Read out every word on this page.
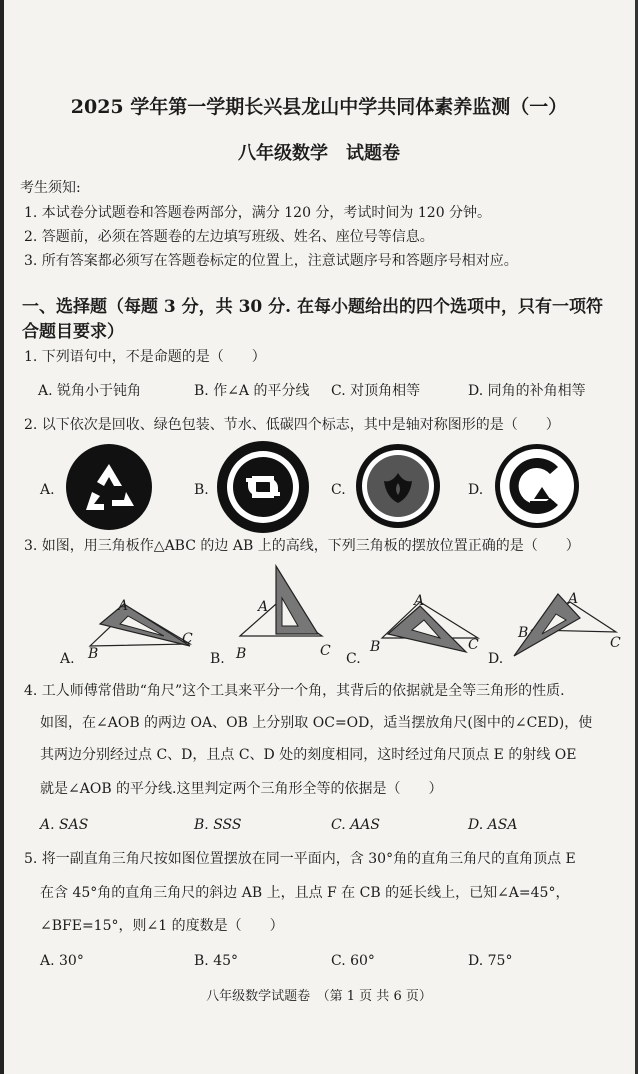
2025 学年第一学期长兴县龙山中学共同体素养监测（一）
八年级数学　试题卷
考生须知:
1. 本试卷分试题卷和答题卷两部分，满分 120 分，考试时间为 120 分钟。
2. 答题前，必须在答题卷的左边填写班级、姓名、座位号等信息。
3. 所有答案都必须写在答题卷标定的位置上，注意试题序号和答题序号相对应。
一、选择题（每题 3 分，共 30 分. 在每小题给出的四个选项中，只有一项符
合题目要求）
1. 下列语句中，不是命题的是（　　）
A. 锐角小于钝角	B. 作∠A 的平分线 C. 对顶角相等	D. 同角的补角相等
2. 以下依次是回收、绿色包装、节水、低碳四个标志，其中是轴对称图形的是（　　）
A.	B.	C.	D.
3. 如图，用三角板作△ABC 的边 AB 上的高线，下列三角板的摆放位置正确的是（　　）
A
B
C
A.
A
B	C
B.
A
B	C
C.
A
B
C
D.
4. 工人师傅常借助“角尺”这个工具来平分一个角，其背后的依据就是全等三角形的性质.
如图，在∠AOB 的两边 OA、OB 上分别取 OC=OD，适当摆放角尺(图中的∠CED)，使
其两边分别经过点 C、D，且点 C、D 处的刻度相同，这时经过角尺顶点 E 的射线 OE
就是∠AOB 的平分线.这里判定两个三角形全等的依据是（　　）
A. SAS	B. SSS	C. AAS	D. ASA
5. 将一副直角三角尺按如图位置摆放在同一平面内，含 30°角的直角三角尺的直角顶点 E
在含 45°角的直角三角尺的斜边 AB 上，且点 F 在 CB 的延长线上，已知∠A=45°，
∠BFE=15°，则∠1 的度数是（　　）
A. 30°	B. 45°	C. 60°	D. 75°
八年级数学试题卷　（第 1 页 共 6 页）
